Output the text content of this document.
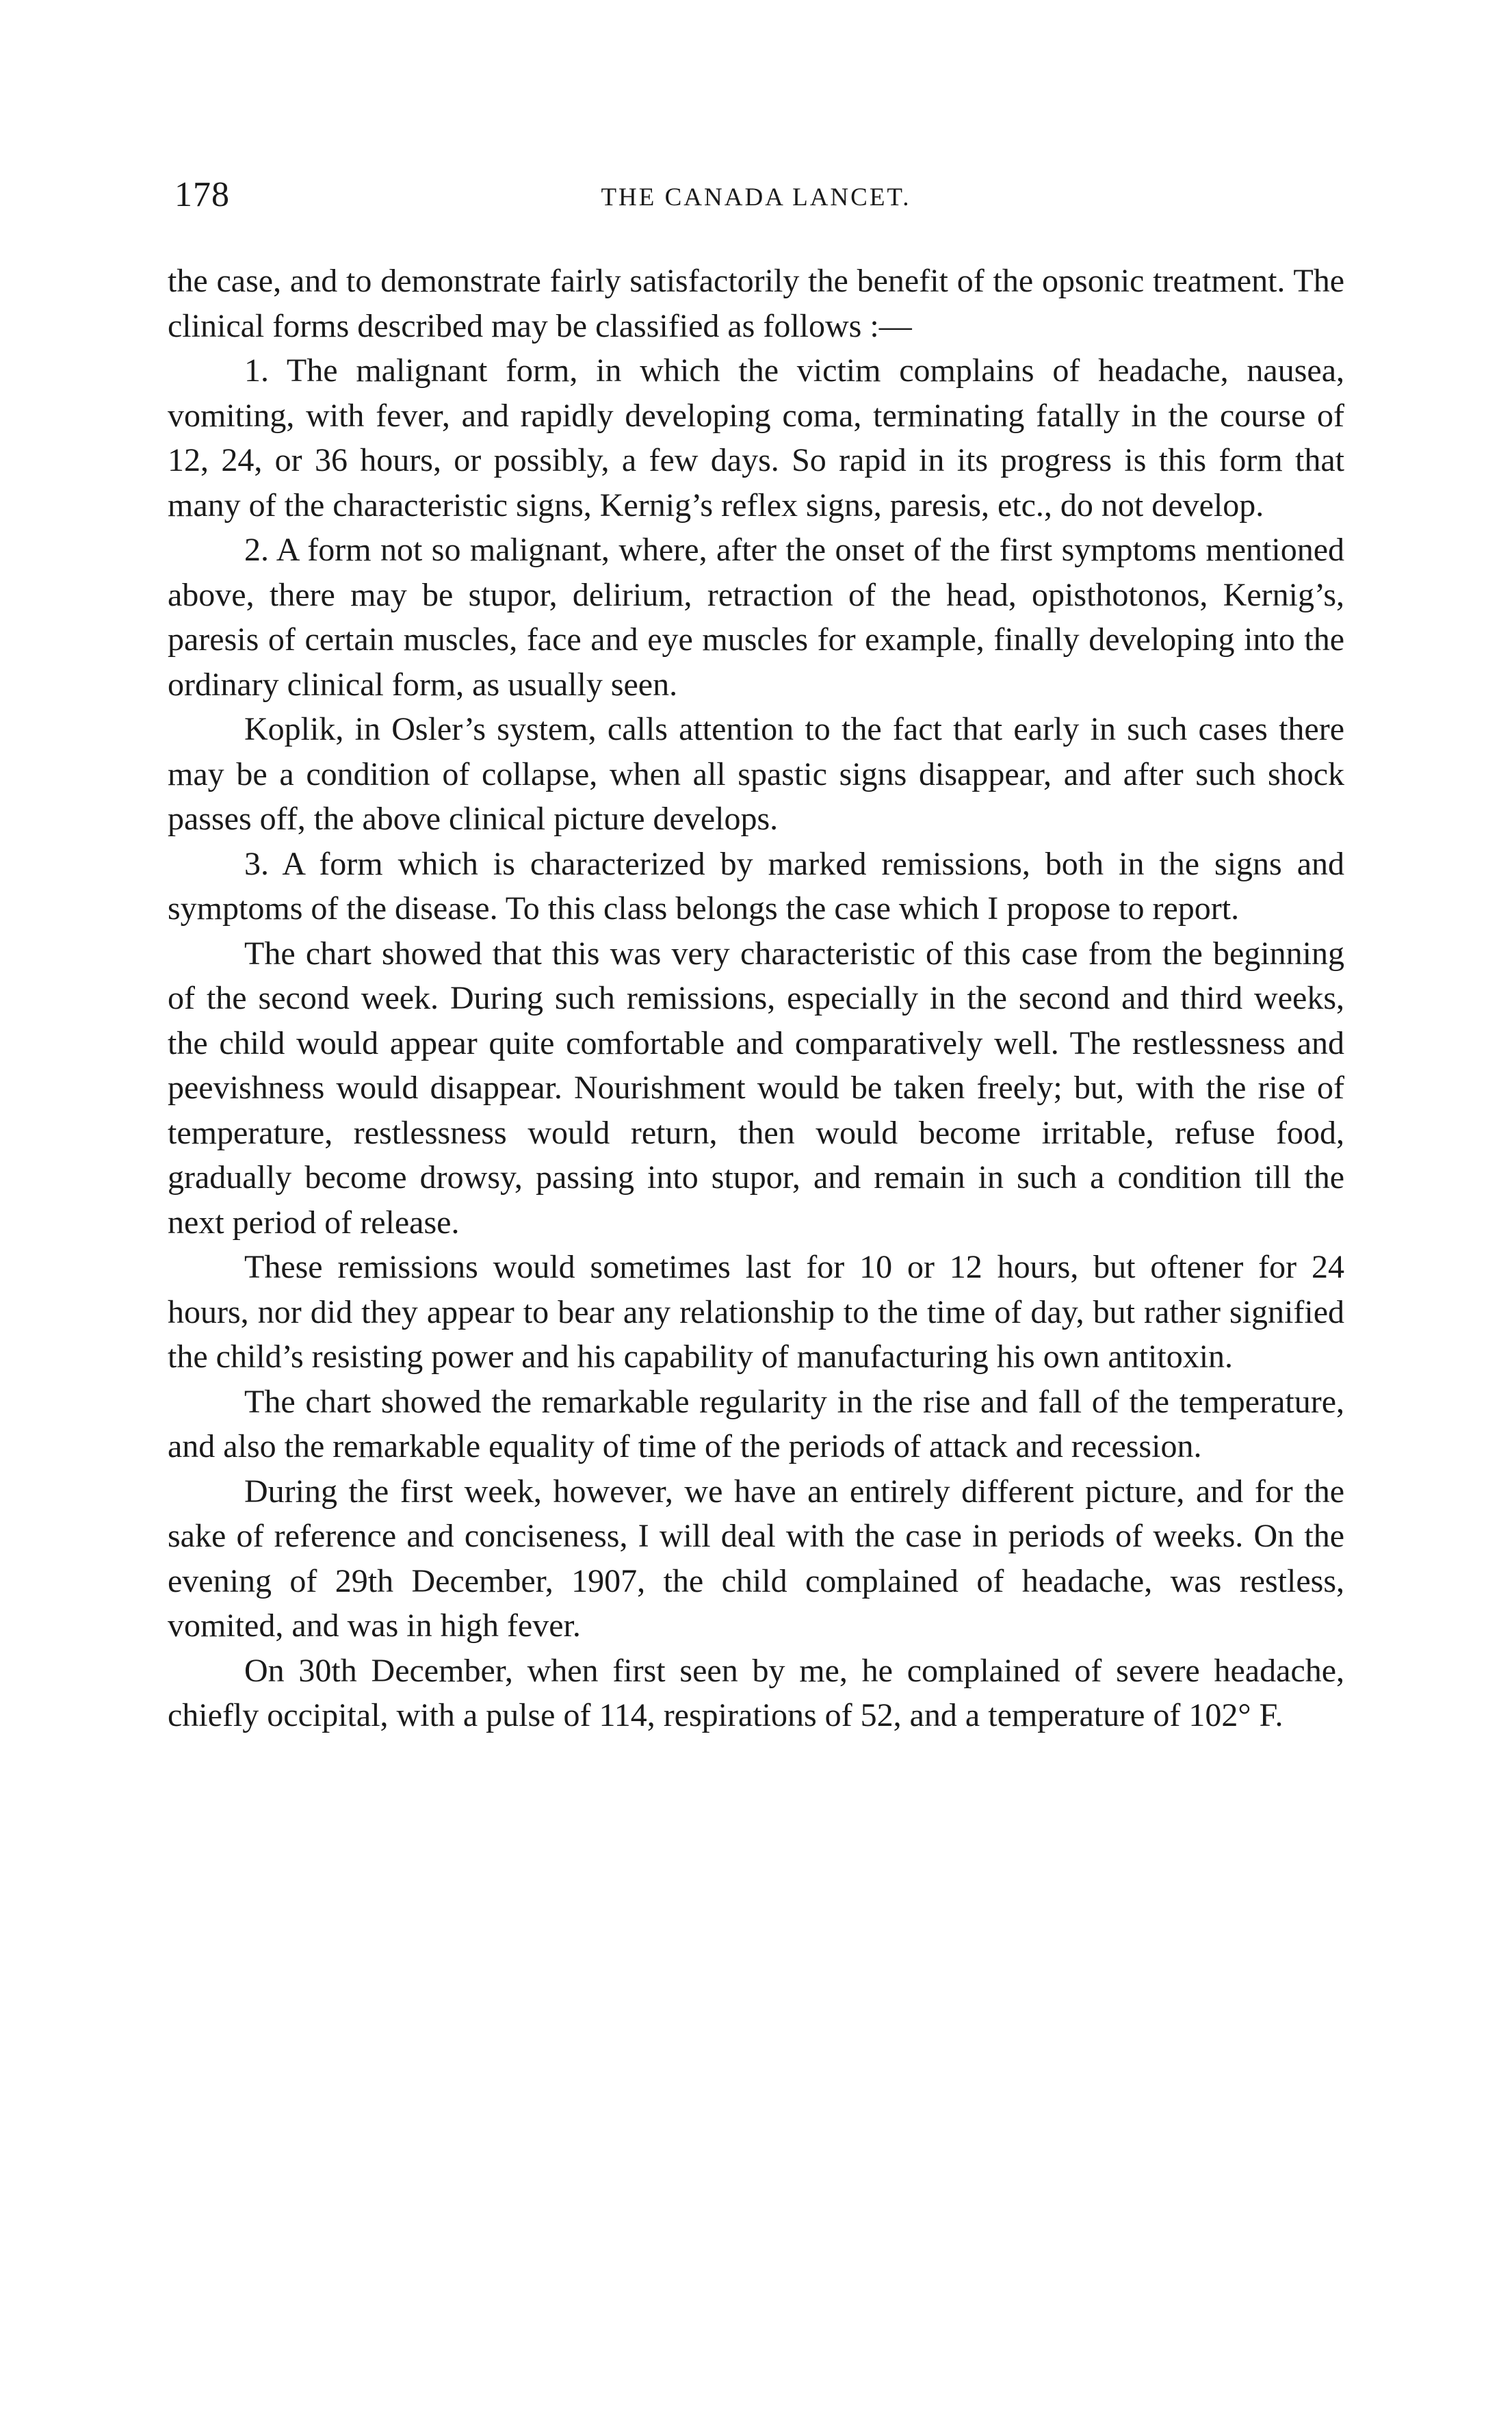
178	THE CANADA LANCET.

the case, and to demonstrate fairly satisfactorily the benefit of the opsonic treatment. The clinical forms described may be classified as follows :—

1. The malignant form, in which the victim complains of headache, nausea, vomiting, with fever, and rapidly developing coma, terminating fatally in the course of 12, 24, or 36 hours, or possibly, a few days. So rapid in its progress is this form that many of the characteristic signs, Kernig’s reflex signs, paresis, etc., do not develop.

2. A form not so malignant, where, after the onset of the first symptoms mentioned above, there may be stupor, delirium, retraction of the head, opisthotonos, Kernig’s, paresis of certain muscles, face and eye muscles for example, finally developing into the ordinary clinical form, as usually seen.

Koplik, in Osler’s system, calls attention to the fact that early in such cases there may be a condition of collapse, when all spastic signs disappear, and after such shock passes off, the above clinical picture develops.

3. A form which is characterized by marked remissions, both in the signs and symptoms of the disease. To this class belongs the case which I propose to report.

The chart showed that this was very characteristic of this case from the beginning of the second week. During such remissions, especially in the second and third weeks, the child would appear quite comfortable and comparatively well. The restlessness and peevishness would disappear. Nourishment would be taken freely; but, with the rise of temperature, restlessness would return, then would become irritable, refuse food, gradually become drowsy, passing into stupor, and remain in such a condition till the next period of release.

These remissions would sometimes last for 10 or 12 hours, but oftener for 24 hours, nor did they appear to bear any relationship to the time of day, but rather signified the child’s resisting power and his capability of manufacturing his own antitoxin.

The chart showed the remarkable regularity in the rise and fall of the temperature, and also the remarkable equality of time of the periods of attack and recession.

During the first week, however, we have an entirely different picture, and for the sake of reference and conciseness, I will deal with the case in periods of weeks. On the evening of 29th December, 1907, the child complained of headache, was restless, vomited, and was in high fever.

On 30th December, when first seen by me, he complained of severe headache, chiefly occipital, with a pulse of 114, respirations of 52, and a temperature of 102° F.
